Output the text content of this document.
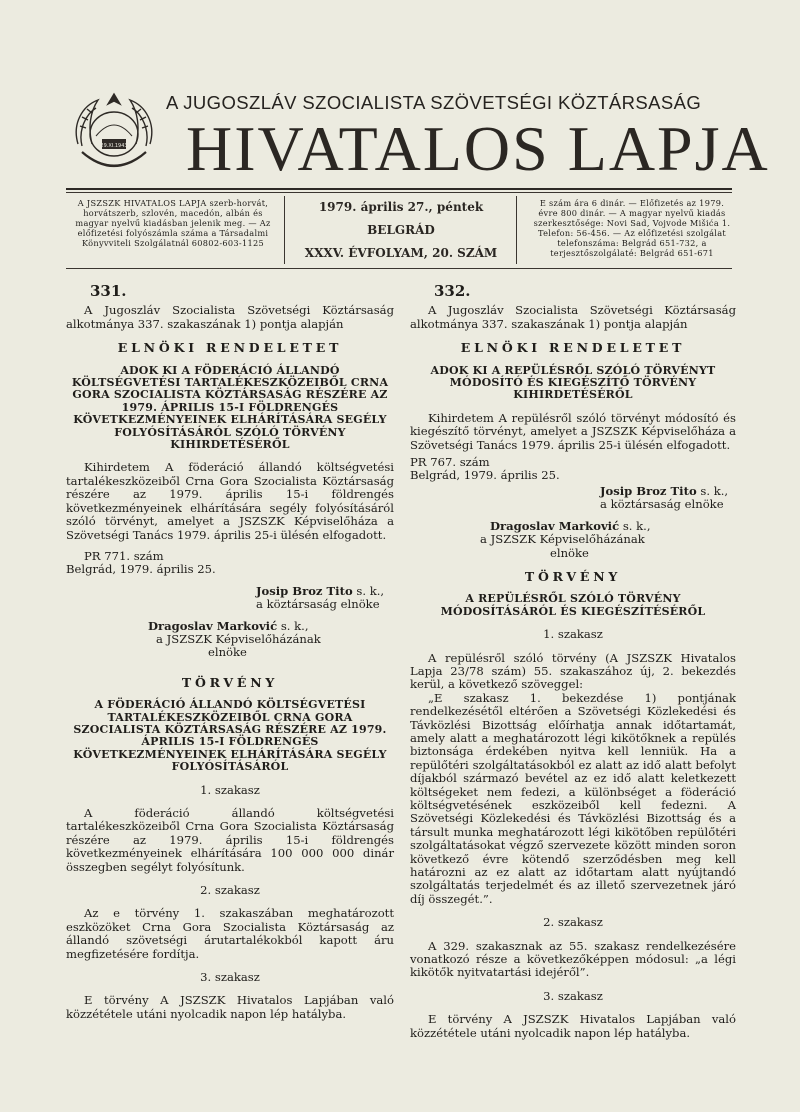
29.XI.1943
A JUGOSZLÁV SZOCIALISTA SZÖVETSÉGI KÖZTÁRSASÁG
HIVATALOS LAPJA
A JSZSZK HIVATALOS LAPJA szerb-horvát, horvátszerb, szlovén, macedón, albán és magyar nyelvű kiadásban jelenik meg. — Az előfizetési folyószámla száma a Társadalmi Könyvviteli Szolgálatnál 60802-603-1125
1979. április 27., péntek
BELGRÁD
XXXV. ÉVFOLYAM, 20. SZÁM
E szám ára 6 dinár. — Előfizetés az 1979. évre 800 dinár. — A magyar nyelvű kiadás szerkesztősége: Novi Sad, Vojvode Mišića 1. Telefon: 56-456. — Az előfizetési szolgálat telefonszáma: Belgrád 651-732, a terjesztőszolgálaté: Belgrád 651-671
331.

A Jugoszláv Szocialista Szövetségi Köztársaság alkotmánya 337. szakaszának 1) pontja alapján

ELNÖKI RENDELETET
ADOK KI A FÖDERÁCIÓ ÁLLANDÓ KÖLTSÉGVETÉSI TARTALÉKESZKÖZEIBŐL CRNA GORA SZOCIALISTA KÖZTÁRSASÁG RÉSZÉRE AZ 1979. ÁPRILIS 15-I FÖLDRENGÉS KÖVETKEZMÉNYEINEK ELHÁRÍTÁSÁRA SEGÉLY FOLYÓSÍTÁSÁRÓL SZÓLÓ TÖRVÉNY KIHIRDETÉSÉRŐL

Kihirdetem A föderáció állandó költségvetési tartalékeszközeiből Crna Gora Szocialista Köztársaság részére az 1979. április 15-i földrengés következményeinek elhárítására segély folyósításáról szóló törvényt, amelyet a JSZSZK Képviselőháza a Szövetségi Tanács 1979. április 25-i ülésén elfogadott.

PR 771. szám

Belgrád, 1979. április 25.

Josip Broz Tito s. k.,
a köztársaság elnöke
Dragoslav Marković s. k.,
a JSZSZK Képviselőházának
elnöke
TÖRVÉNY
A FÖDERÁCIÓ ÁLLANDÓ KÖLTSÉGVETÉSI TARTALÉKESZKÖZEIBŐL CRNA GORA SZOCIALISTA KÖZTÁRSASÁG RÉSZÉRE AZ 1979. ÁPRILIS 15-I FÖLDRENGÉS KÖVETKEZMÉNYEINEK ELHÁRÍTÁSÁRA SEGÉLY FOLYÓSÍTÁSÁRÓL
1. szakasz

A föderáció állandó költségvetési tartalékeszközeiből Crna Gora Szocialista Köztársaság részére az 1979. április 15-i földrengés következményeinek elhárítására 100 000 000 dinár összegben segélyt folyósítunk.

2. szakasz

Az e törvény 1. szakaszában meghatározott eszközöket Crna Gora Szocialista Köztársaság az állandó szövetségi árutartalékokból kapott áru megfizetésére fordítja.

3. szakasz

E törvény A JSZSZK Hivatalos Lapjában való közzététele utáni nyolcadik napon lép hatályba.

332.

A Jugoszláv Szocialista Szövetségi Köztársaság alkotmánya 337. szakaszának 1) pontja alapján

ELNÖKI RENDELETET
ADOK KI A REPÜLÉSRŐL SZÓLÓ TÖRVÉNYT MÓDOSÍTÓ ÉS KIEGÉSZÍTŐ TÖRVÉNY KIHIRDETÉSÉRŐL

Kihirdetem A repülésről szóló törvényt módosító és kiegészítő törvényt, amelyet a JSZSZK Képviselőháza a Szövetségi Tanács 1979. április 25-i ülésén elfogadott.

PR 767. szám

Belgrád, 1979. április 25.

Josip Broz Tito s. k.,
a köztársaság elnöke
Dragoslav Marković s. k.,
a JSZSZK Képviselőházának
elnöke
TÖRVÉNY
A REPÜLÉSRŐL SZÓLÓ TÖRVÉNY MÓDOSÍTÁSÁRÓL ÉS KIEGÉSZÍTÉSÉRŐL
1. szakasz

A repülésről szóló törvény (A JSZSZK Hivatalos Lapja 23/78 szám) 55. szakaszához új, 2. bekezdés kerül, a következő szöveggel:

„E szakasz 1. bekezdése 1) pontjának rendelkezésétől eltérően a Szövetségi Közlekedési és Távközlési Bizottság előírhatja annak időtartamát, amely alatt a meghatározott légi kikötőknek a repülés biztonsága érdekében nyitva kell lenniük. Ha a repülőtéri szolgáltatásokból ez alatt az idő alatt befolyt díjakból származó bevétel az ez idő alatt keletkezett költségeket nem fedezi, a különbséget a föderáció költségvetésének eszközeiből kell fedezni. A Szövetségi Közlekedési és Távközlési Bizottság és a társult munka meghatározott légi kikötőben repülőtéri szolgáltatásokat végző szervezete között minden soron következő évre kötendő szerződésben meg kell határozni az ez alatt az időtartam alatt nyújtandó szolgáltatás terjedelmét és az illető szervezetnek járó díj összegét.”.

2. szakasz

A 329. szakasznak az 55. szakasz rendelkezésére vonatkozó része a következőképpen módosul: „a légi kikötők nyitvatartási idejéről”.

3. szakasz

E törvény A JSZSZK Hivatalos Lapjában való közzététele utáni nyolcadik napon lép hatályba.
